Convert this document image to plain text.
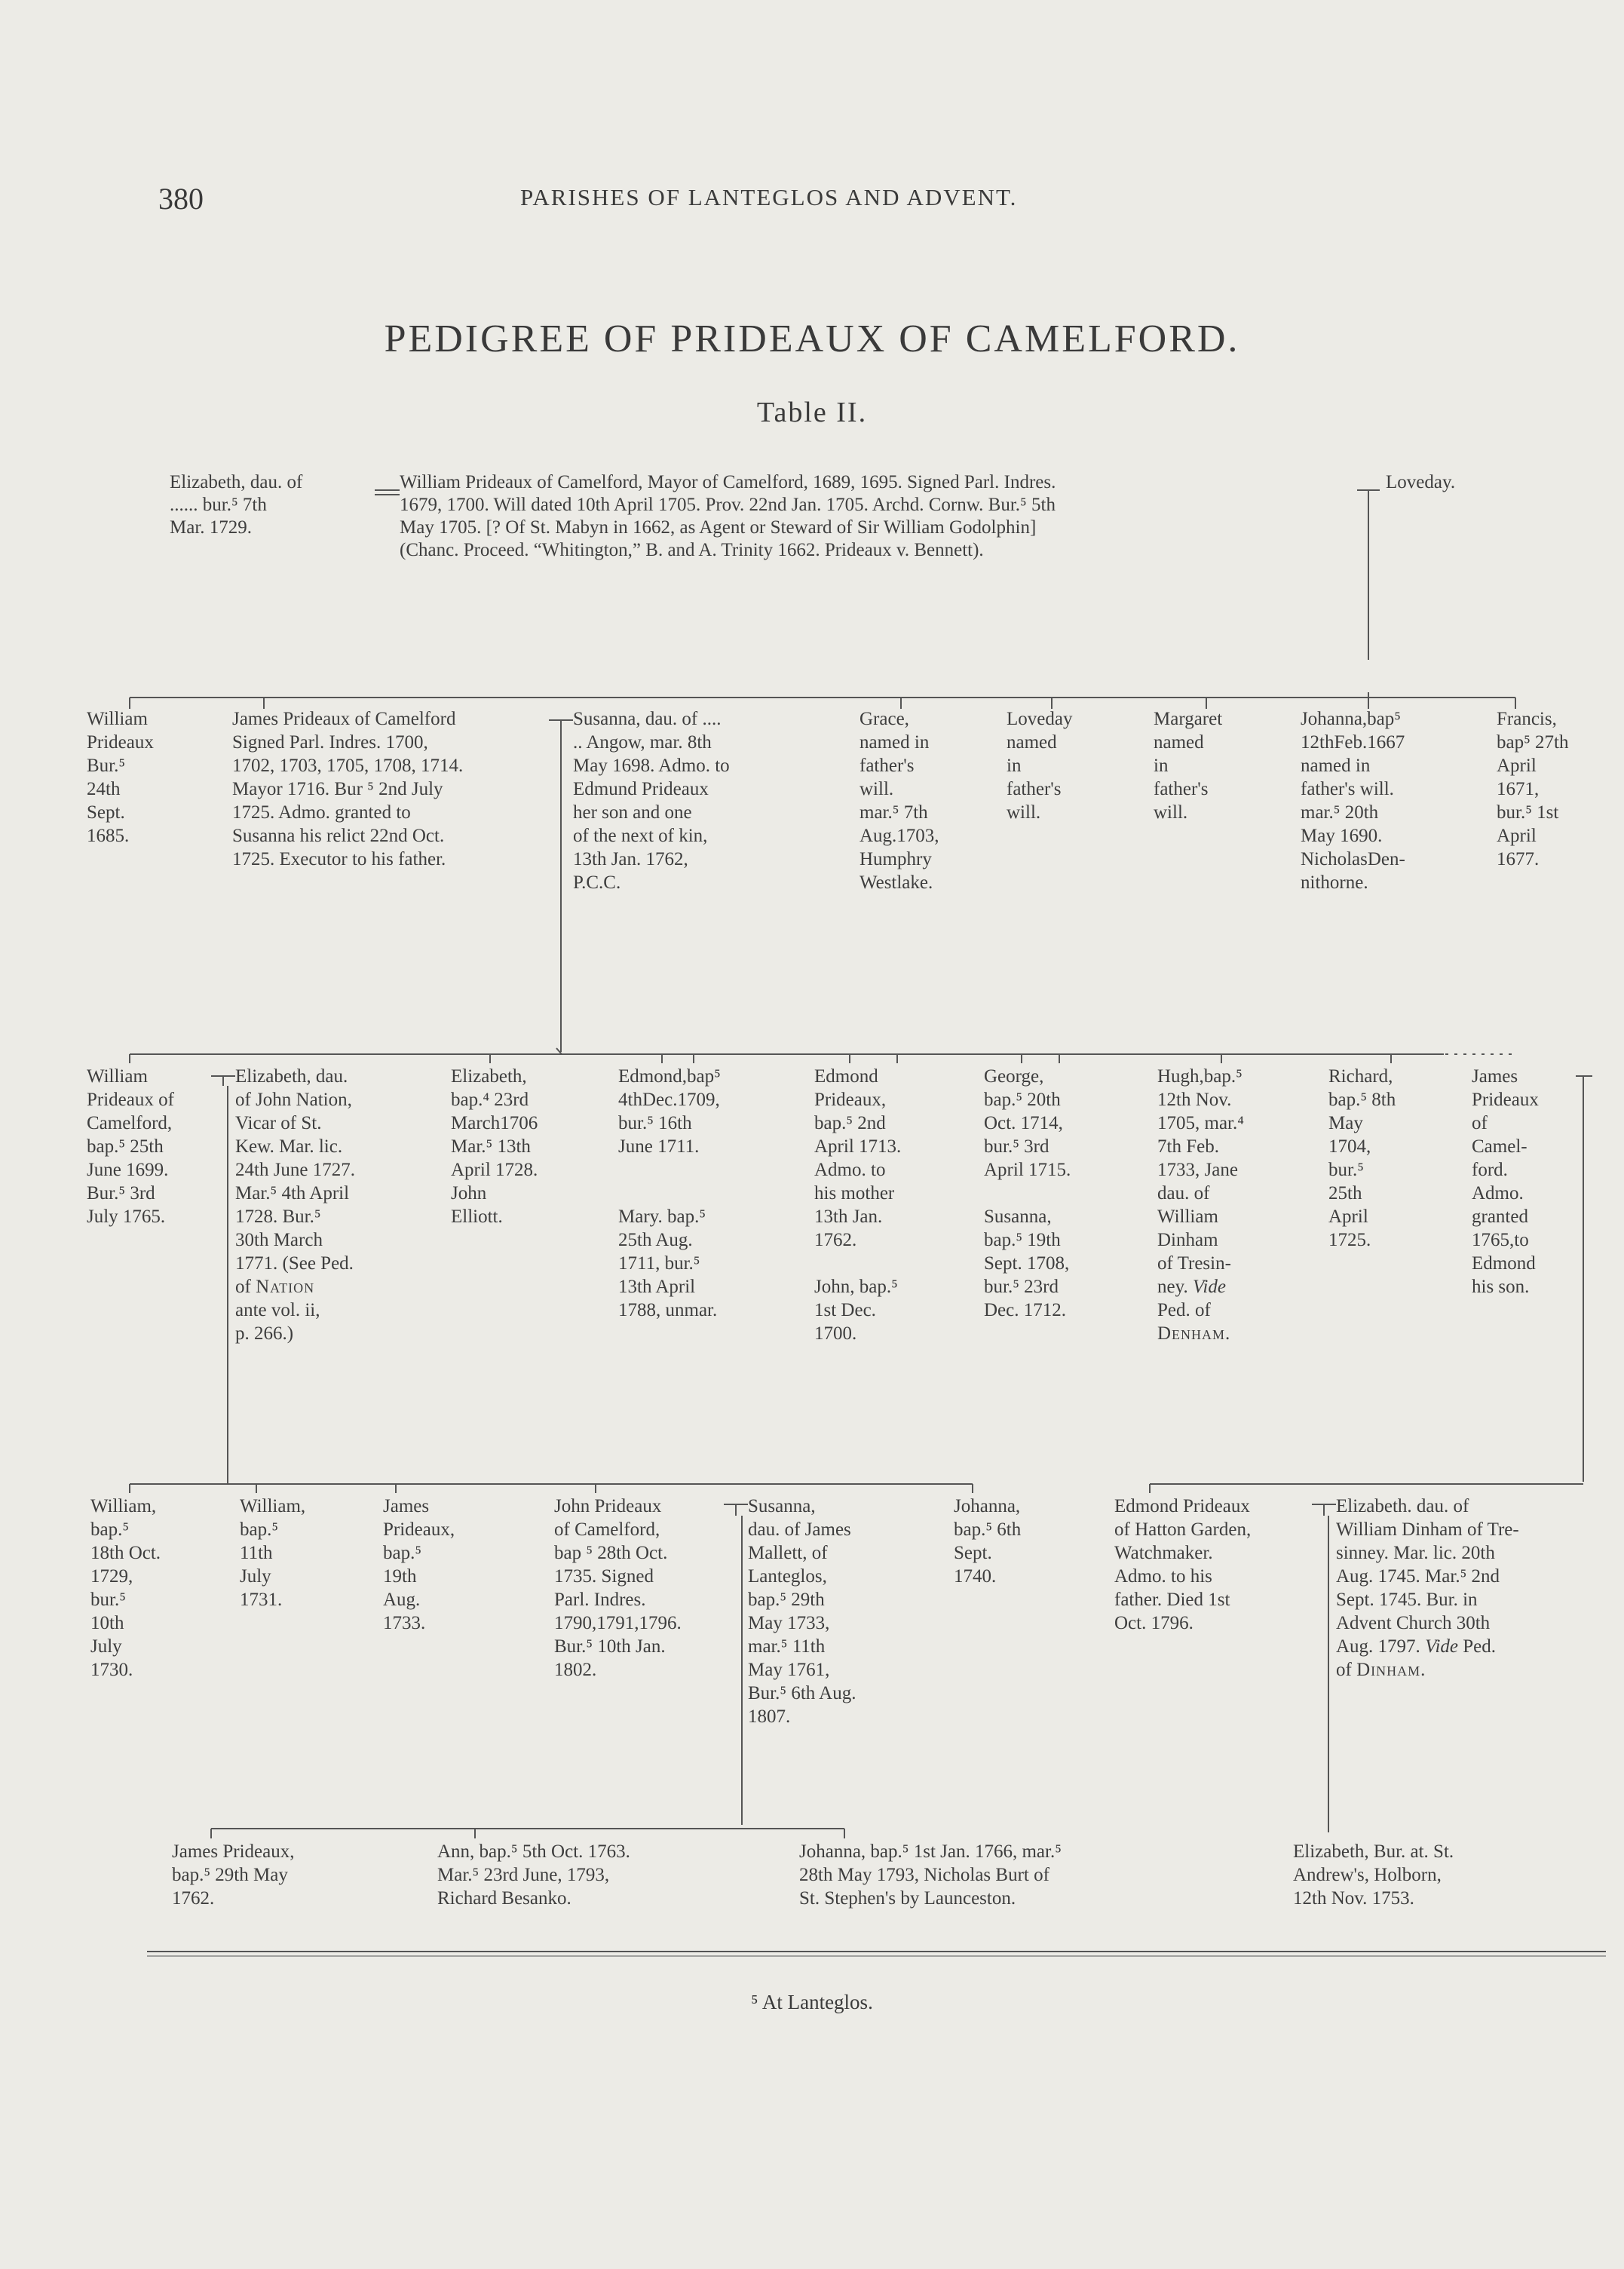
380	PARISHES OF LANTEGLOS AND ADVENT.
PEDIGREE OF PRIDEAUX OF CAMELFORD.
Table II.
Elizabeth, dau. of
...... bur.⁵ 7th
Mar. 1729.
William Prideaux of Camelford, Mayor of Camelford, 1689, 1695. Signed Parl. Indres.
1679, 1700. Will dated 10th April 1705. Prov. 22nd Jan. 1705. Archd. Cornw. Bur.⁵ 5th
May 1705. [? Of St. Mabyn in 1662, as Agent or Steward of Sir William Godolphin]
(Chanc. Proceed. “Whitington,” B. and A. Trinity 1662. Prideaux v. Bennett).
Loveday.
William
Prideaux
Bur.⁵
24th
Sept.
1685.
James Prideaux of Camelford
Signed Parl. Indres. 1700,
1702, 1703, 1705, 1708, 1714.
Mayor 1716. Bur ⁵ 2nd July
1725. Admo. granted to
Susanna his relict 22nd Oct.
1725. Executor to his father.
Susanna, dau. of ....
.. Angow, mar. 8th
May 1698. Admo. to
Edmund Prideaux
her son and one
of the next of kin,
13th Jan. 1762,
P.C.C.
Grace,
named in
father's
will.
mar.⁵ 7th
Aug.1703,
Humphry
Westlake.
Loveday
named
in
father's
will.
Margaret
named
in
father's
will.
Johanna,bap⁵
12thFeb.1667
named in
father's will.
mar.⁵ 20th
May 1690.
NicholasDen-
nithorne.
Francis,
bap⁵ 27th
April
1671,
bur.⁵ 1st
April
1677.
William
Prideaux of
Camelford,
bap.⁵ 25th
June 1699.
Bur.⁵ 3rd
July 1765.
Elizabeth, dau.
of John Nation,
Vicar of St.
Kew. Mar. lic.
24th June 1727.
Mar.⁵ 4th April
1728. Bur.⁵
30th March
1771. (See Ped.
of Nation
ante vol. ii,
p. 266.)
Elizabeth,
bap.⁴ 23rd
March1706
Mar.⁵ 13th
April 1728.
John
Elliott.
Edmond,bap⁵
4thDec.1709,
bur.⁵ 16th
June 1711.

Mary. bap.⁵
25th Aug.
1711, bur.⁵
13th April
1788, unmar.
Edmond
Prideaux,
bap.⁵ 2nd
April 1713.
Admo. to
his mother
13th Jan.
1762.

John, bap.⁵
1st Dec.
1700.
George,
bap.⁵ 20th
Oct. 1714,
bur.⁵ 3rd
April 1715.

Susanna,
bap.⁵ 19th
Sept. 1708,
bur.⁵ 23rd
Dec. 1712.
Hugh,bap.⁵
12th Nov.
1705, mar.⁴
7th Feb.
1733, Jane
dau. of
William
Dinham
of Tresin-
ney. Vide
Ped. of
Denham.
Richard,
bap.⁵ 8th
May
1704,
bur.⁵
25th
April
1725.
James
Prideaux
of
Camel-
ford.
Admo.
granted
1765,to
Edmond
his son.
William,
bap.⁵
18th Oct.
1729,
bur.⁵
10th
July
1730.
William,
bap.⁵
11th
July
1731.
James
Prideaux,
bap.⁵
19th
Aug.
1733.
John Prideaux
of Camelford,
bap ⁵ 28th Oct.
1735. Signed
Parl. Indres.
1790,1791,1796.
Bur.⁵ 10th Jan.
1802.
Susanna,
dau. of James
Mallett, of
Lanteglos,
bap.⁵ 29th
May 1733,
mar.⁵ 11th
May 1761,
Bur.⁵ 6th Aug.
1807.
Johanna,
bap.⁵ 6th
Sept.
1740.
Edmond Prideaux
of Hatton Garden,
Watchmaker.
Admo. to his
father. Died 1st
Oct. 1796.
Elizabeth. dau. of
William Dinham of Tre-
sinney. Mar. lic. 20th
Aug. 1745. Mar.⁵ 2nd
Sept. 1745. Bur. in
Advent Church 30th
Aug. 1797. Vide Ped.
of Dinham.
James Prideaux,
bap.⁵ 29th May
1762.
Ann, bap.⁵ 5th Oct. 1763.
Mar.⁵ 23rd June, 1793,
Richard Besanko.
Johanna, bap.⁵ 1st Jan. 1766, mar.⁵
28th May 1793, Nicholas Burt of
St. Stephen's by Launceston.
Elizabeth, Bur. at. St.
Andrew's, Holborn,
12th Nov. 1753.
⁵ At Lanteglos.
